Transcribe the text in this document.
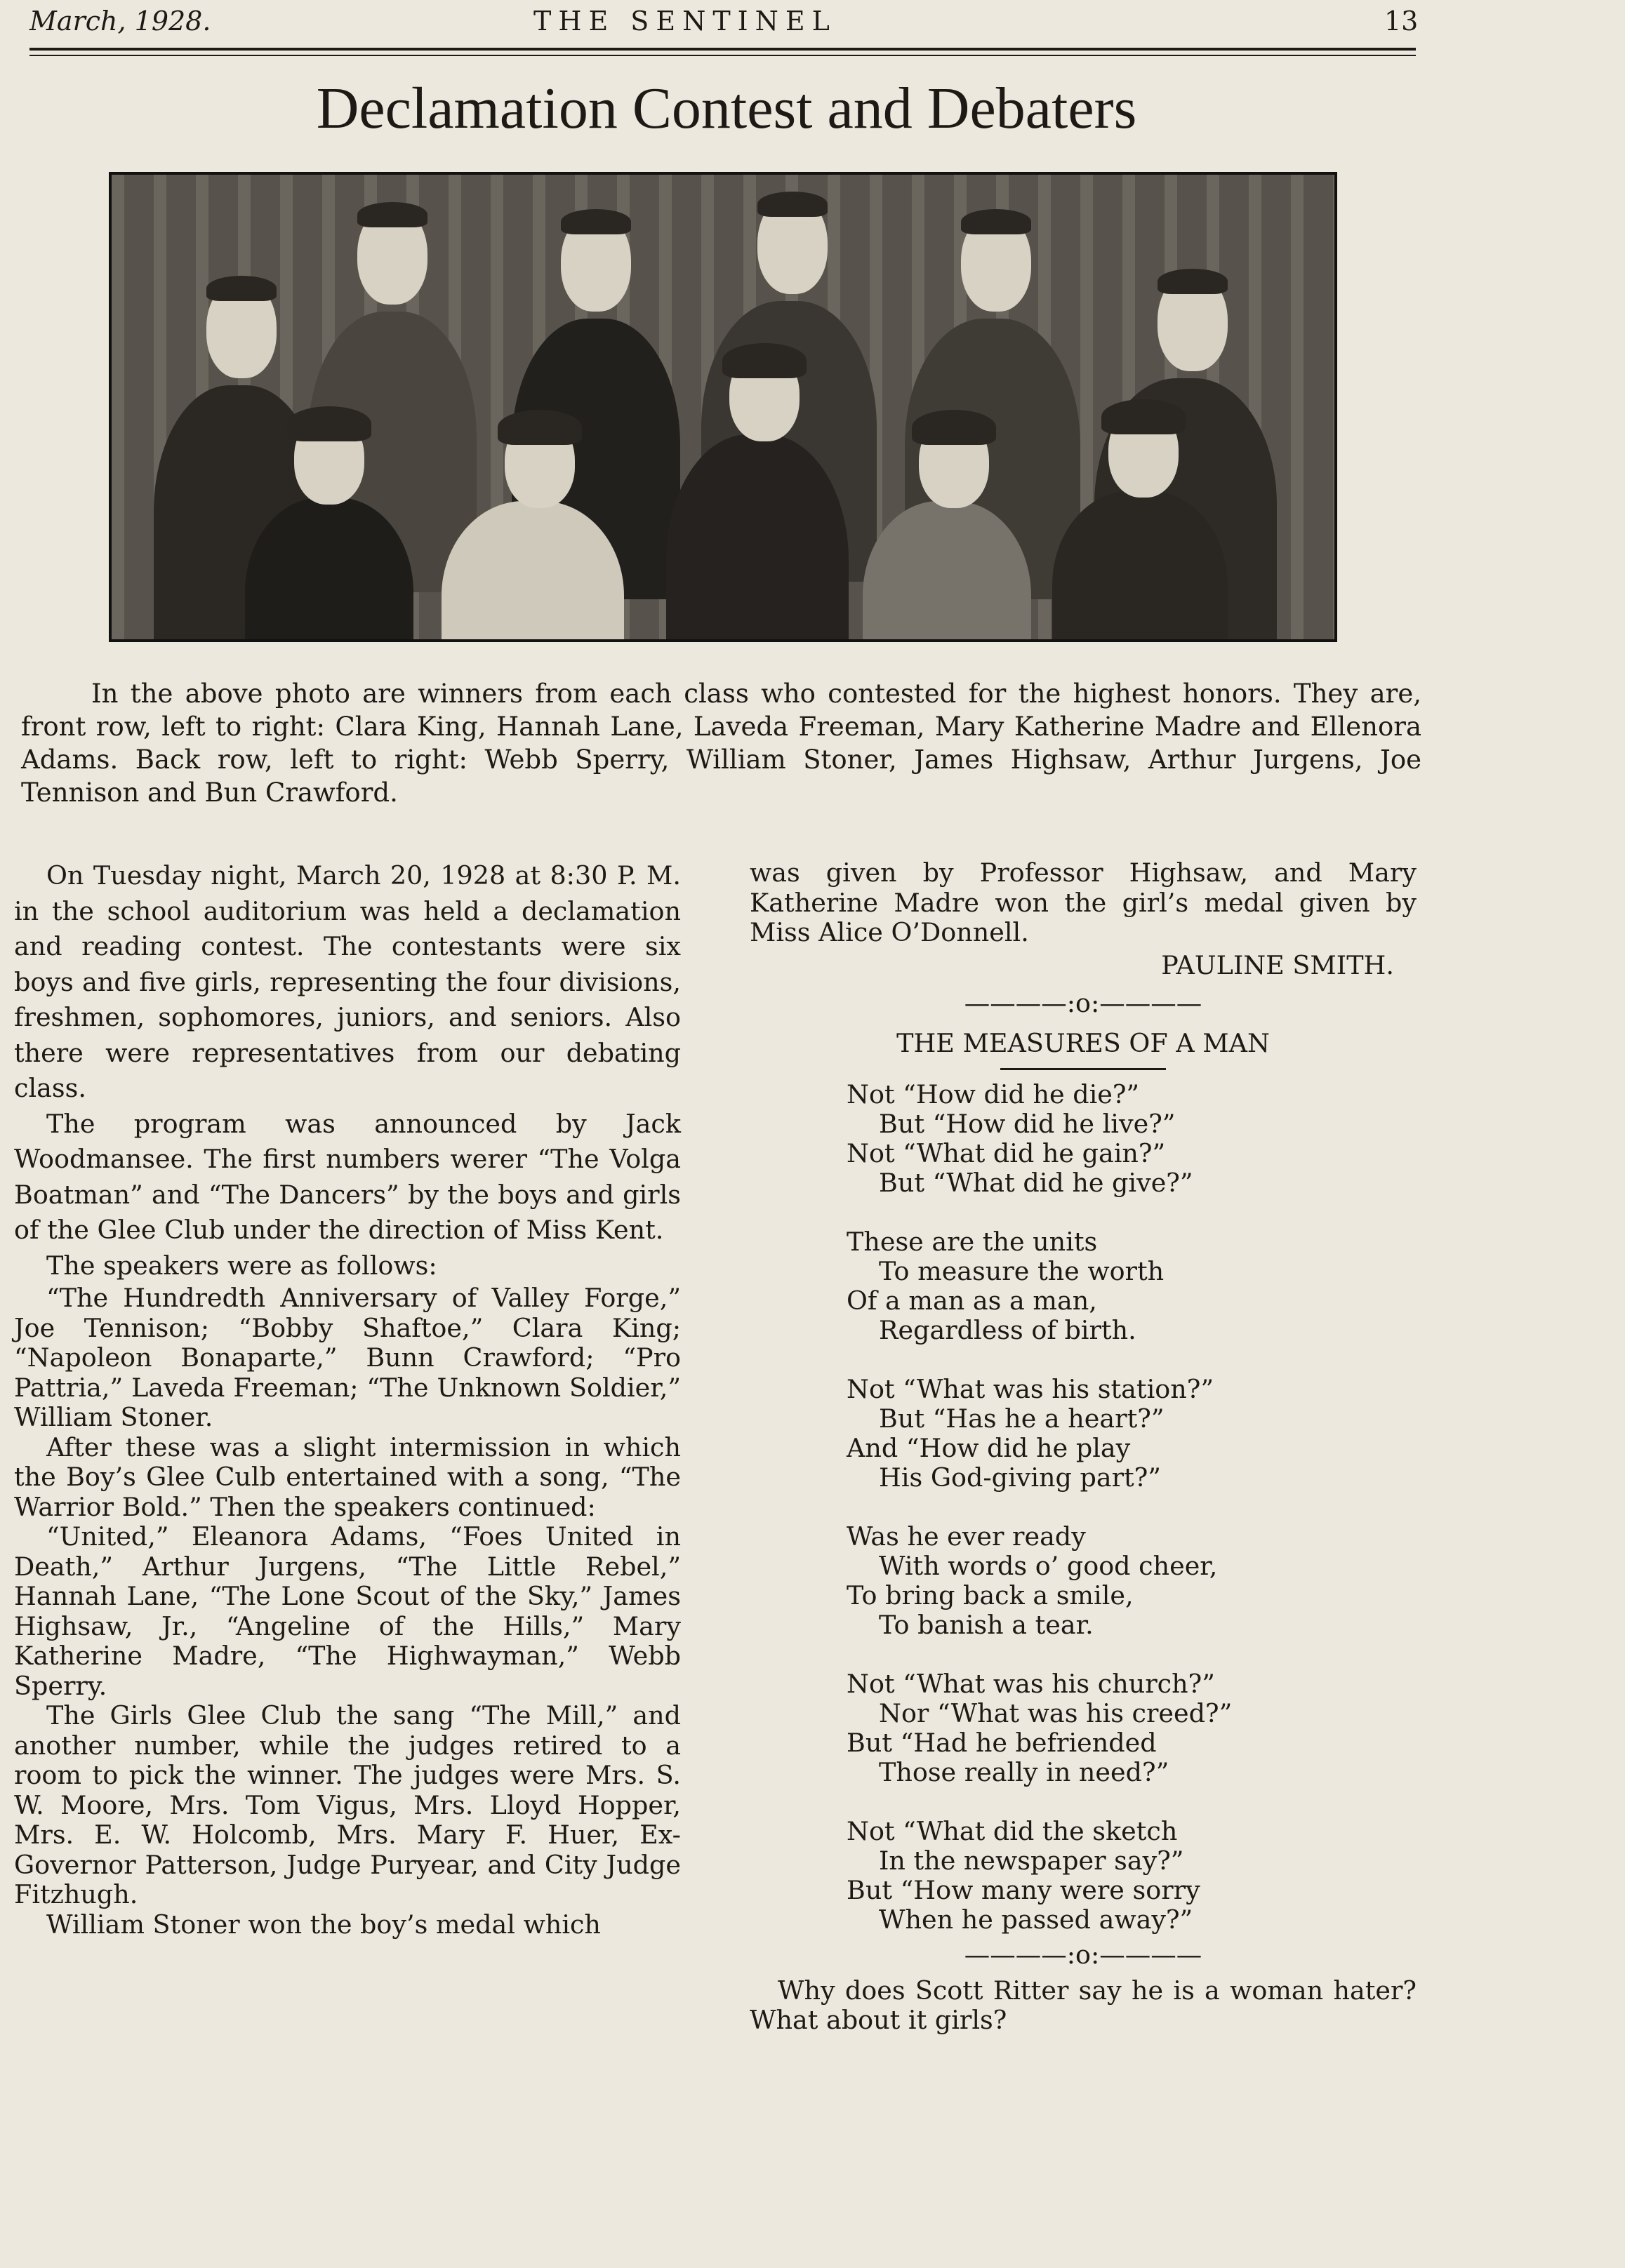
March, 1928.	THE SENTINEL	13
Declamation Contest and Debaters
In the above photo are winners from each class who contested for the highest honors. They are, front row, left to right: Clara King, Hannah Lane, Laveda Freeman, Mary Katherine Madre and Ellenora Adams. Back row, left to right: Webb Sperry, William Stoner, James Highsaw, Arthur Jurgens, Joe Tennison and Bun Crawford.

On Tuesday night, March 20, 1928 at 8:30 P. M. in the school auditorium was held a declamation and reading contest. The contestants were six boys and five girls, representing the four divisions, freshmen, sophomores, juniors, and seniors. Also there were representatives from our debating class.

The program was announced by Jack Woodmansee. The first numbers werer “The Volga Boatman” and “The Dancers” by the boys and girls of the Glee Club under the direction of Miss Kent.

The speakers were as follows:

“The Hundredth Anniversary of Valley Forge,” Joe Tennison; “Bobby Shaftoe,” Clara King; “Napoleon Bonaparte,” Bunn Crawford; “Pro Pattria,” Laveda Freeman; “The Unknown Soldier,” William Stoner.

After these was a slight intermission in which the Boy’s Glee Culb entertained with a song, “The Warrior Bold.” Then the speakers continued:

“United,” Eleanora Adams, “Foes United in Death,” Arthur Jurgens, “The Little Rebel,” Hannah Lane, “The Lone Scout of the Sky,” James Highsaw, Jr., “Angeline of the Hills,” Mary Katherine Madre, “The Highwayman,” Webb Sperry.

The Girls Glee Club the sang “The Mill,” and another number, while the judges retired to a room to pick the winner. The judges were Mrs. S. W. Moore, Mrs. Tom Vigus, Mrs. Lloyd Hopper, Mrs. E. W. Holcomb, Mrs. Mary F. Huer, Ex-Governor Patterson, Judge Puryear, and City Judge Fitzhugh.

William Stoner won the boy’s medal which

was given by Professor Highsaw, and Mary Katherine Madre won the girl’s medal given by Miss Alice O’Donnell.

PAULINE SMITH.
————:o:————
THE MEASURES OF A MAN
Not “How did he die?”
But “How did he live?”
Not “What did he gain?”
But “What did he give?”
These are the units
To measure the worth
Of a man as a man,
Regardless of birth.
Not “What was his station?”
But “Has he a heart?”
And “How did he play
His God-giving part?”
Was he ever ready
With words o’ good cheer,
To bring back a smile,
To banish a tear.
Not “What was his church?”
Nor “What was his creed?”
But “Had he befriended
Those really in need?”
Not “What did the sketch
In the newspaper say?”
But “How many were sorry
When he passed away?”
————:o:————
Why does Scott Ritter say he is a woman hater? What about it girls?
